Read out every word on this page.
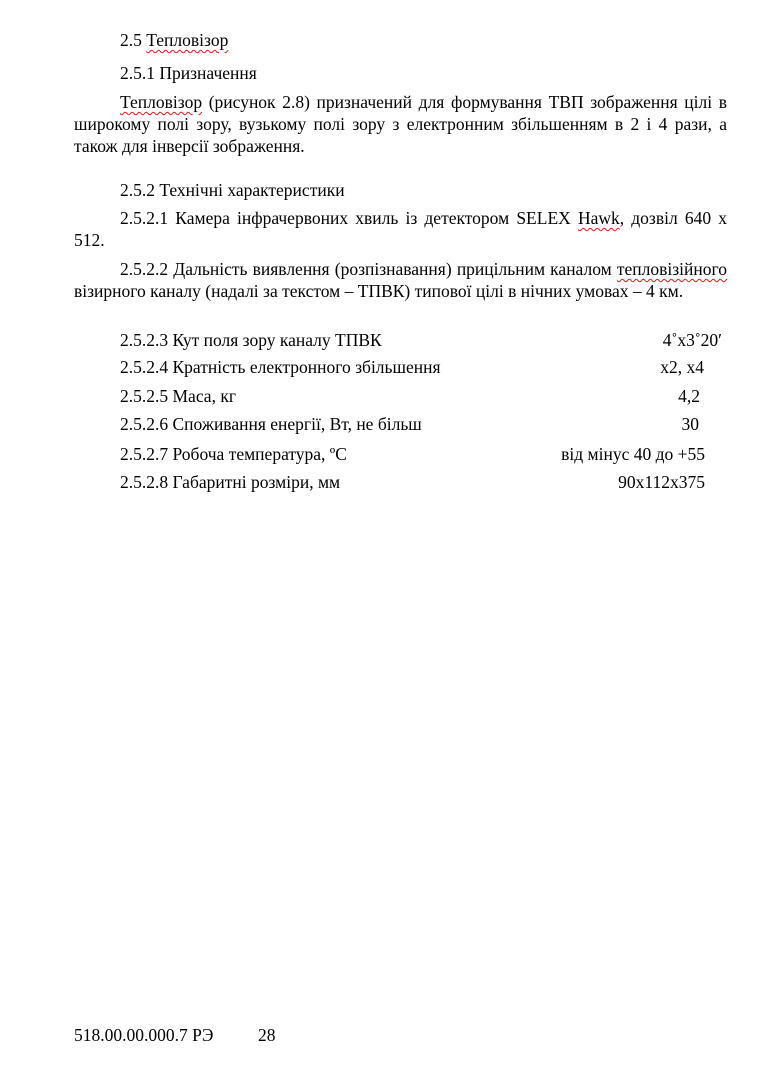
2.5 Тепловізор
2.5.1 Призначення

Тепловізор (рисунок 2.8) призначений для формування ТВП зображення цілі в широкому полі зору, вузькому полі зору з електронним збільшенням в 2 і 4 рази, а також для інверсії зображення.

2.5.2 Технічні характеристики

2.5.2.1 Камера інфрачервоних хвиль із детектором SELEX Hawk, дозвіл 640 х 512.

2.5.2.2 Дальність виявлення (розпізнавання) прицільним каналом тепловізійного візирного каналу (надалі за текстом – ТПВК) типової цілі в нічних умовах – 4 км.

2.5.2.3 Кут поля зору каналу ТПВК	4˚х3˚20′
2.5.2.4 Кратність електронного збільшення	х2, х4
2.5.2.5 Маса, кг	4,2
2.5.2.6 Споживання енергії, Вт, не більш	30
2.5.2.7 Робоча температура, ºС	від мінус 40 до +55
2.5.2.8 Габаритні розміри, мм	90х112х375
518.00.00.000.7 РЭ	28
